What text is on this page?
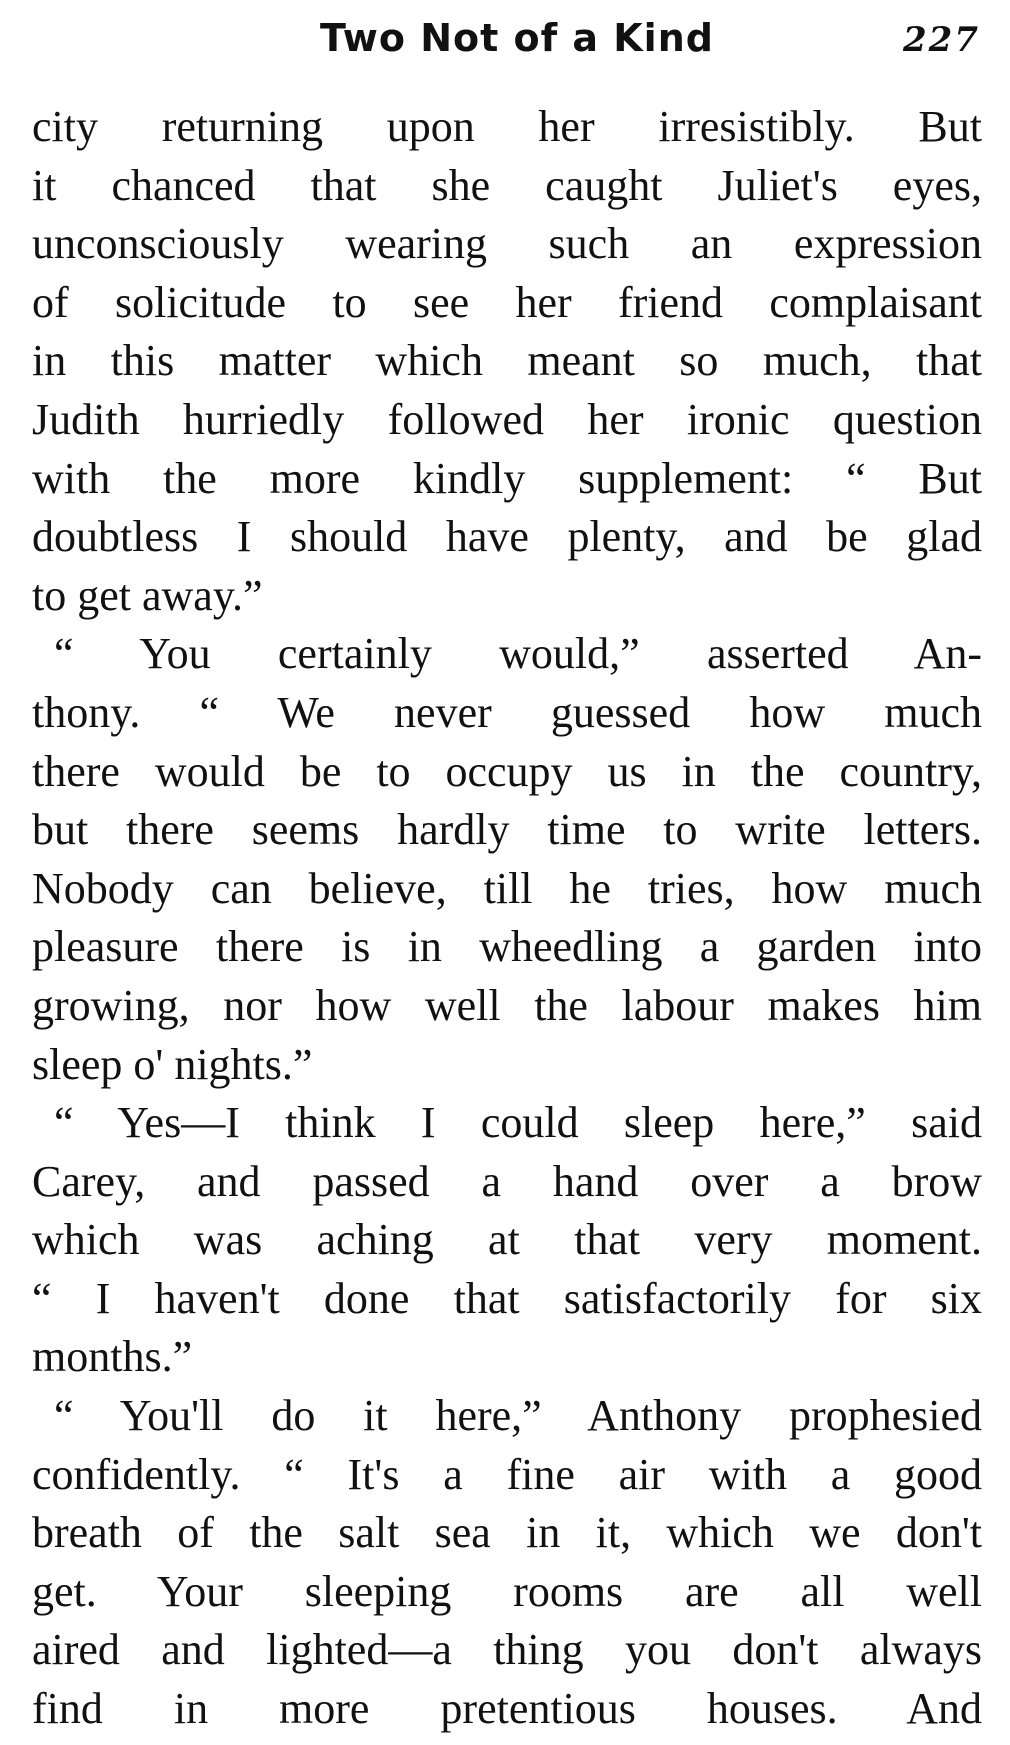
Two Not of a Kind	227
city returning upon her irresistibly. But
it chanced that she caught Juliet's eyes,
unconsciously wearing such an expression
of solicitude to see her friend complaisant
in this matter which meant so much, that
Judith hurriedly followed her ironic question
with the more kindly supplement: “ But
doubtless I should have plenty, and be glad
to get away.”
“ You certainly would,” asserted An-
thony. “ We never guessed how much
there would be to occupy us in the country,
but there seems hardly time to write letters.
Nobody can believe, till he tries, how much
pleasure there is in wheedling a garden into
growing, nor how well the labour makes him
sleep o' nights.”
“ Yes—I think I could sleep here,” said
Carey, and passed a hand over a brow
which was aching at that very moment.
“ I haven't done that satisfactorily for six
months.”
“ You'll do it here,” Anthony prophesied
confidently. “ It's a fine air with a good
breath of the salt sea in it, which we don't
get. Your sleeping rooms are all well
aired and lighted—a thing you don't always
find in more pretentious houses. And
